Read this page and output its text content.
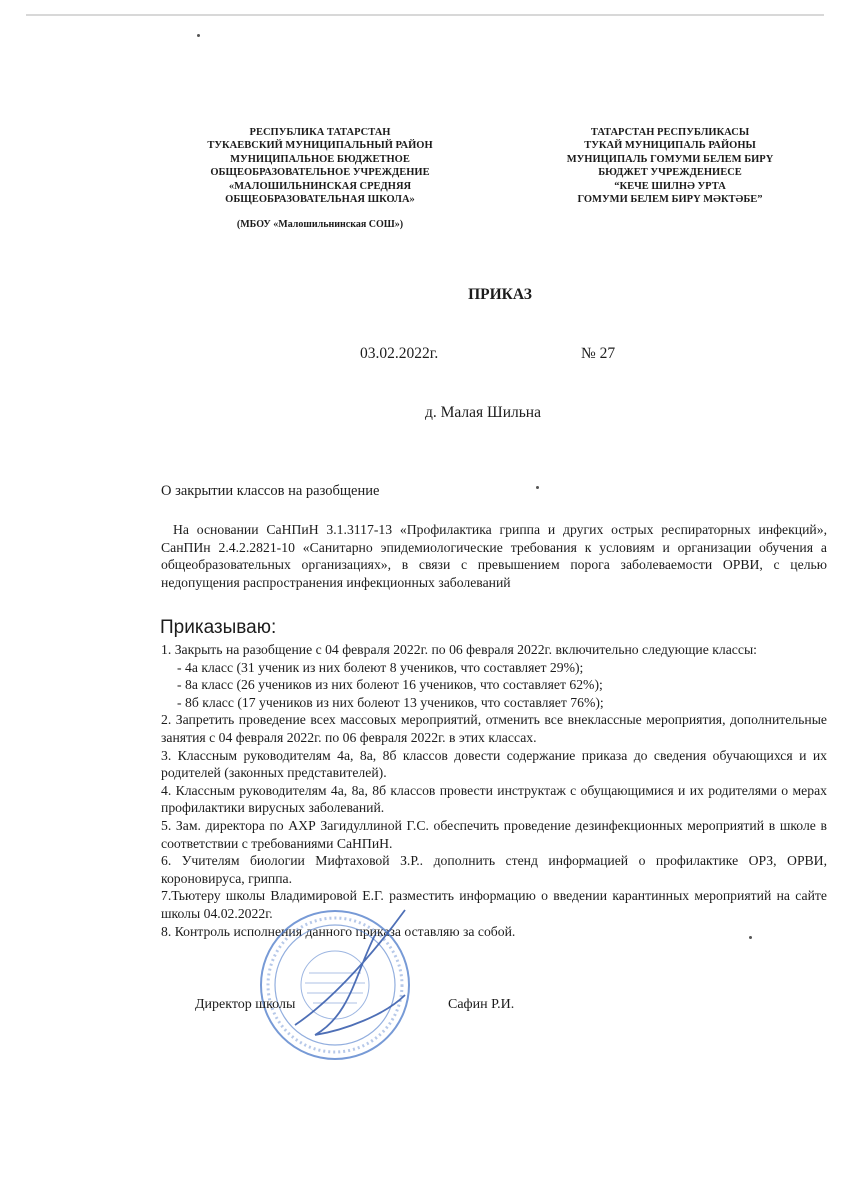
РЕСПУБЛИКА ТАТАРСТАН
ТУКАЕВСКИЙ МУНИЦИПАЛЬНЫЙ РАЙОН
МУНИЦИПАЛЬНОЕ БЮДЖЕТНОЕ
ОБЩЕОБРАЗОВАТЕЛЬНОЕ УЧРЕЖДЕНИЕ
«МАЛОШИЛЬНИНСКАЯ СРЕДНЯЯ
ОБЩЕОБРАЗОВАТЕЛЬНАЯ ШКОЛА»
(МБОУ «Малошильнинская СОШ»)
ТАТАРСТАН РЕСПУБЛИКАСЫ
ТУКАЙ МУНИЦИПАЛЬ РАЙОНЫ
МУНИЦИПАЛЬ ГОМУМИ БЕЛЕМ БИРҮ
БЮДЖЕТ УЧРЕЖДЕНИЕСЕ
“КЕЧЕ ШИЛНӘ УРТА
ГОМУМИ БЕЛЕМ БИРҮ МӘКТӘБЕ”
ПРИКАЗ
03.02.2022г.	№ 27
д. Малая Шильна
О закрытии классов на разобщение
На основании СаНПиН 3.1.3117-13 «Профилактика гриппа и других острых респираторных инфекций», СанПИн 2.4.2.2821-10 «Санитарно эпидемиологические требования к условиям и организации обучения а общеобразовательных организациях», в связи с превышением порога заболеваемости ОРВИ, с целью недопущения распространения инфекционных заболеваний
Приказываю:

1. Закрыть на разобщение с 04 февраля 2022г. по 06 февраля 2022г. включительно следующие классы:

- 4а класс (31 ученик из них болеют 8 учеников, что составляет 29%);

- 8а класс (26 учеников из них болеют 16 учеников, что составляет 62%);

- 8б класс (17 учеников из них болеют 13 учеников, что составляет 76%);

2. Запретить проведение всех массовых мероприятий, отменить все внеклассные мероприятия, дополнительные занятия с 04 февраля 2022г. по 06 февраля 2022г. в этих классах.

3. Классным руководителям 4а, 8а, 8б классов довести содержание приказа до сведения обучающихся и их родителей (законных представителей).

4. Классным руководителям 4а, 8а, 8б классов провести инструктаж с обущающимися и их родителями о мерах профилактики вирусных заболеваний.

5. Зам. директора по АХР Загидуллиной Г.С. обеспечить проведение дезинфекционных мероприятий в школе в соответствии с требованиями СаНПиН.

6. Учителям биологии Мифтаховой З.Р.. дополнить стенд информацией о профилактике ОРЗ, ОРВИ, короновируса, гриппа.

7.Тьютеру школы Владимировой Е.Г. разместить информацию о введении карантинных мероприятий на сайте школы 04.02.2022г.

8. Контроль исполнения данного приказа оставляю за собой.

Директор школы	Сафин Р.И.
